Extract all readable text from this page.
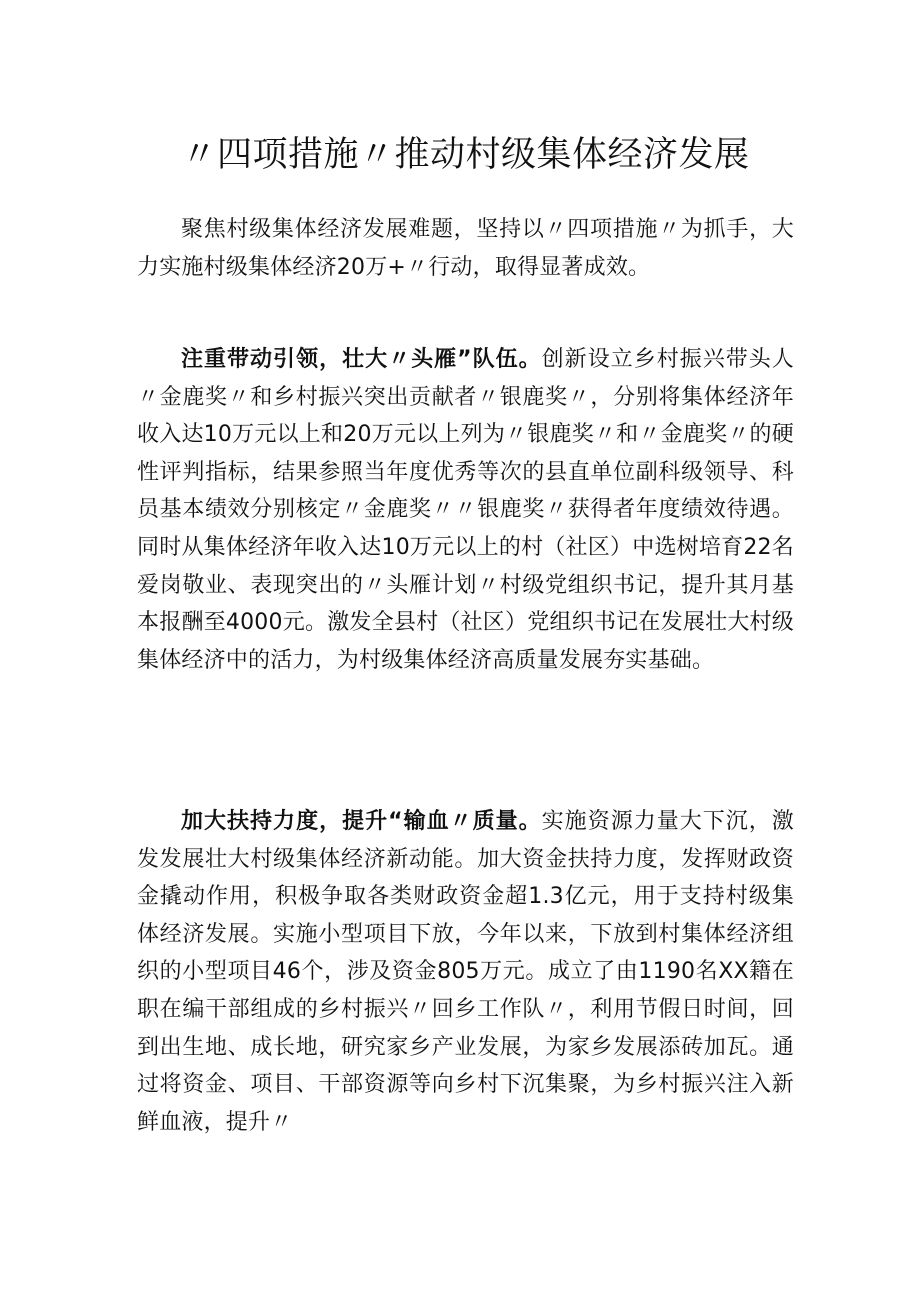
〃四项措施〃推动村级集体经济发展

聚焦村级集体经济发展难题，坚持以〃四项措施〃为抓手，大力实施村级集体经济20万+〃行动，取得显著成效。

注重带动引领，壮大〃头雁”队伍。创新设立乡村振兴带头人〃金鹿奖〃和乡村振兴突出贡献者〃银鹿奖〃，分别将集体经济年收入达10万元以上和20万元以上列为〃银鹿奖〃和〃金鹿奖〃的硬性评判指标，结果参照当年度优秀等次的县直单位副科级领导、科员基本绩效分别核定〃金鹿奖〃〃银鹿奖〃获得者年度绩效待遇。同时从集体经济年收入达10万元以上的村（社区）中选树培育22名爱岗敬业、表现突出的〃头雁计划〃村级党组织书记，提升其月基本报酬至4000元。激发全县村（社区）党组织书记在发展壮大村级集体经济中的活力，为村级集体经济高质量发展夯实基础。

加大扶持力度，提升“输血〃质量。实施资源力量大下沉，激发发展壮大村级集体经济新动能。加大资金扶持力度，发挥财政资金撬动作用，积极争取各类财政资金超1.3亿元，用于支持村级集体经济发展。实施小型项目下放，今年以来，下放到村集体经济组织的小型项目46个，涉及资金805万元。成立了由1190名XX籍在职在编干部组成的乡村振兴〃回乡工作队〃，利用节假日时间，回到出生地、成长地，研究家乡产业发展，为家乡发展添砖加瓦。通过将资金、项目、干部资源等向乡村下沉集聚，为乡村振兴注入新鲜血液，提升〃
